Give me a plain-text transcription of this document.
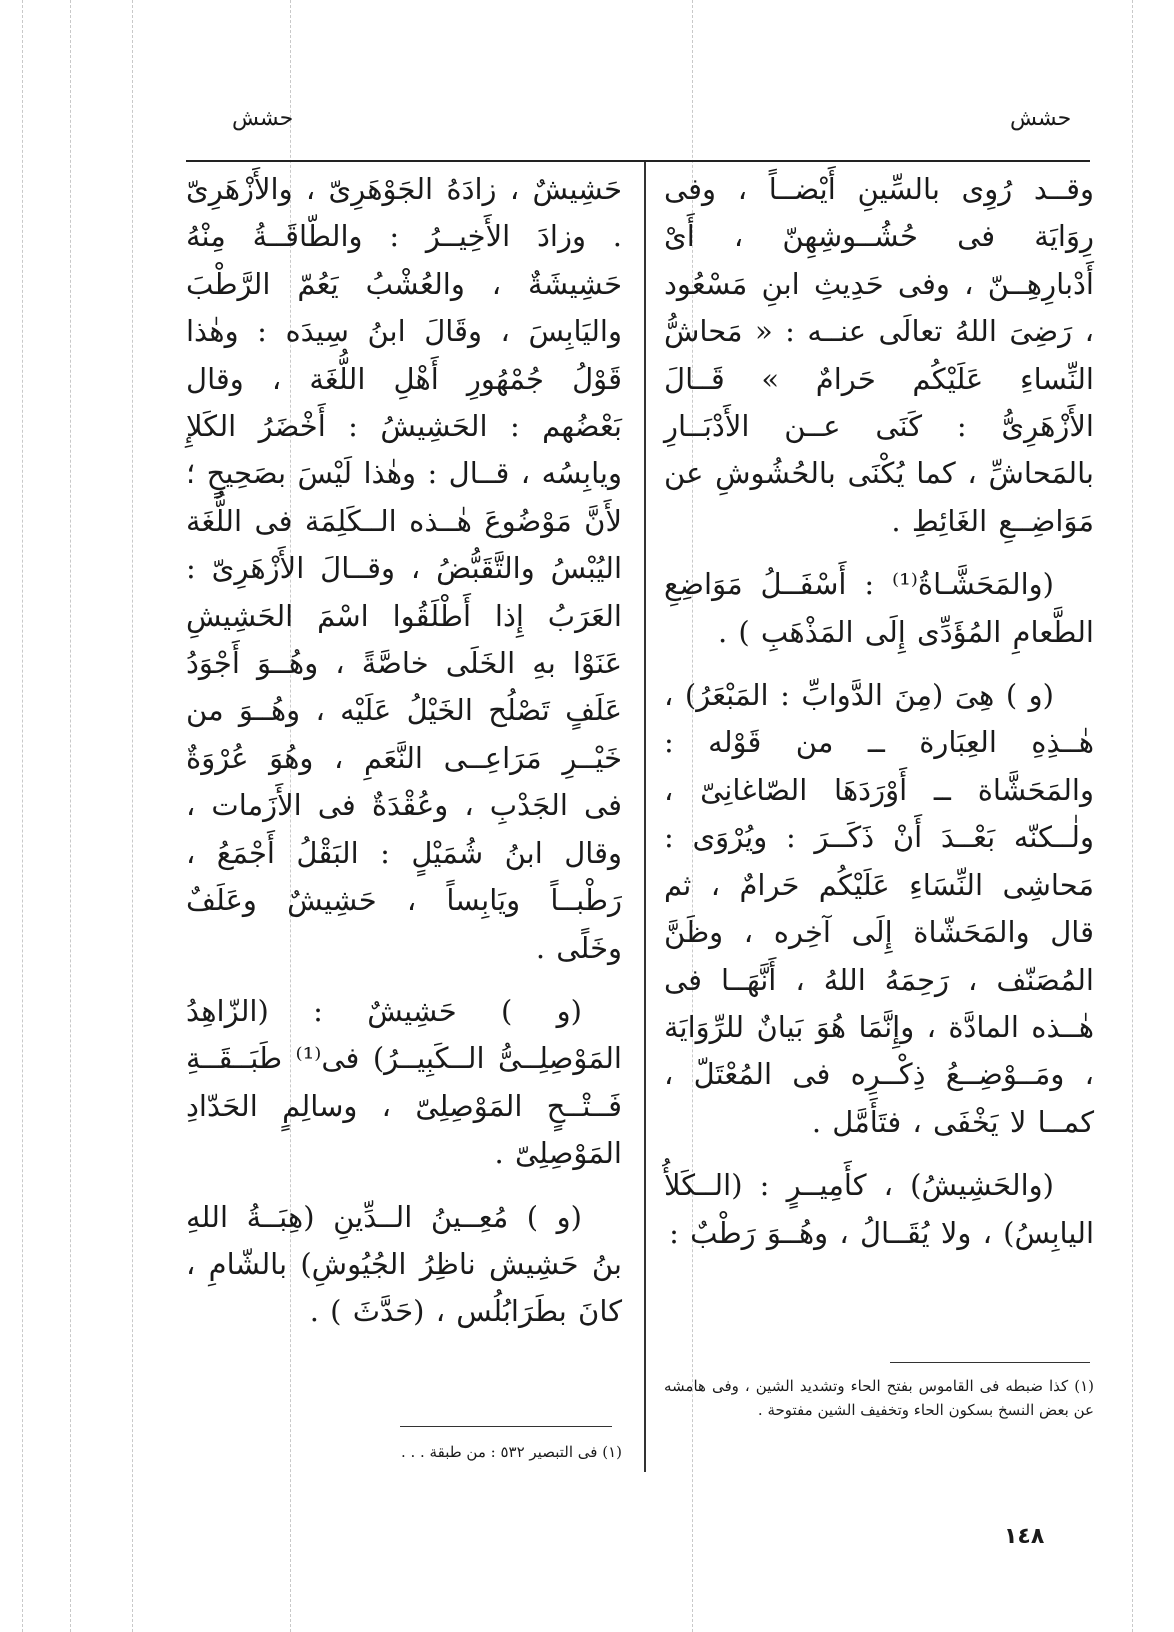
حشش
حشش

وقــد رُوِى بالسِّينِ أَيْضــاً ، وفى رِوَايَة فى حُشُــوشِهِنّ ، أَىْ أَدْبارِهِــنّ ، وفى حَدِيثِ ابنِ مَسْعُود ، رَضِىَ اللهُ تعالَى عنــه : « مَحاشُّ النِّساءِ عَلَيْكُم حَرامٌ » قَــالَ الأَزْهَرِىُّ : كَنَى عــن الأَدْبَــارِ بالمَحاشِّ ، كما يُكْنَى بالحُشُوشِ عن مَوَاضِــعِ الغَائِطِ .

(والمَحَشَّـاةُ⁽¹⁾ : أَسْفَــلُ مَوَاضِعِ الطَّعامِ المُؤَدِّى إِلَى المَذْهَبِ ) .

(و ) هِىَ (مِنَ الدَّوابِّ : المَبْعَرُ) ، هٰــذِهِ العِبَارة ــ من قَوْله : والمَحَشَّاة ــ أَوْرَدَهَا الصّاغانِىّ ، ولٰــكنّه بَعْــدَ أَنْ ذَكَــرَ : ويُرْوَى : مَحاشِى النِّسَاءِ عَلَيْكُم حَرامٌ ، ثم قال والمَحَشّاة إِلَى آخِره ، وظَنَّ المُصَنّف ، رَحِمَهُ اللهُ ، أَنَّهَــا فى هٰــذه المادَّة ، وإِنَّمَا هُوَ بَيانٌ للرِّوَايَة ، ومَــوْضِــعُ ذِكْــرِه فى المُعْتَلّ ، كمــا لا يَخْفَى ، فتَأَمَّل .

(والحَشِيشُ) ، كأَمِيــرٍ : (الــكَلأُ اليابِسُ) ، ولا يُقَــالُ ، وهُــوَ رَطْبٌ :

حَشِيشٌ ، زادَهُ الجَوْهَرِىّ ، والأَزْهَرِىّ . وزادَ الأَخِيــرُ : والطّاقَــةُ مِنْهُ حَشِيشَةٌ ، والعُشْبُ يَعُمّ الرَّطْبَ واليَابِسَ ، وقَالَ ابنُ سِيدَه : وهٰذا قَوْلُ جُمْهُورِ أَهْلِ اللُّغَة ، وقال بَعْضُهم : الحَشِيشُ : أَخْضَرُ الكَلإِ ويابِسُه ، قــال : وهٰذا لَيْسَ بصَحِيحٍ ؛ لأَنَّ مَوْضُوعَ هٰــذه الــكَلِمَة فى اللُّغَة اليُبْسُ والتَّقَبُّضُ ، وقــالَ الأَزْهَرِىّ : العَرَبُ إِذا أَطْلَقُوا اسْمَ الحَشِيشِ عَنَوْا بهِ الخَلَى خاصَّةً ، وهُــوَ أَجْوَدُ عَلَفٍ تَصْلُح الخَيْلُ عَلَيْه ، وهُــوَ من خَيْــرِ مَرَاعِــى النَّعَمِ ، وهُوَ عُرْوَةٌ فى الجَدْبِ ، وعُقْدَةٌ فى الأَزَمات ، وقال ابنُ شُمَيْلٍ : البَقْلُ أَجْمَعُ ، رَطْبــاً ويَابِساً ، حَشِيشٌ وعَلَفٌ وخَلًى .

(و ) حَشِيشٌ : (الزّاهِدُ المَوْصِلِــىُّ الــكَبِيــرُ) فى⁽¹⁾ طَبَــقَــةِ فَــتْــحٍ المَوْصِلِىّ ، وسالِمٍ الحَدّادِ المَوْصِلِىّ .

(و ) مُعِــينُ الــدِّينِ (هِبَــةُ اللهِ بنُ حَشِيش ناظِرُ الجُيُوشِ) بالشّامِ ، كانَ بطَرَابُلُس ، (حَدَّثَ ) .

(١) كذا ضبطه فى القاموس بفتح الحاء وتشديد الشين ، وفى هامشه عن بعض النسخ بسكون الحاء وتخفيف الشين مفتوحة .
(١) فى التبصير ٥٣٢ : من طبقة . . .
١٤٨
